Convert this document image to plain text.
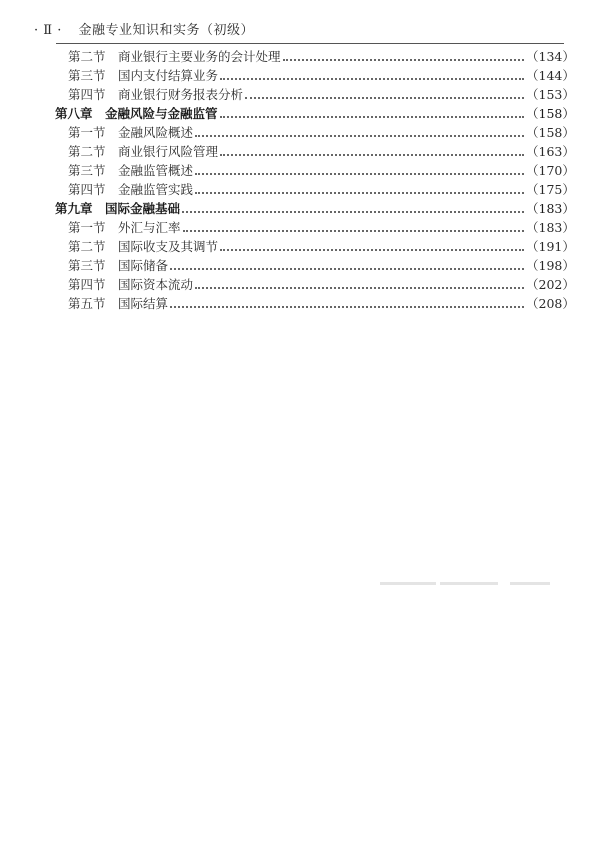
· Ⅱ · 金融专业知识和实务（初级）
第二节 商业银行主要业务的会计处理	（134）
第三节 国内支付结算业务	（144）
第四节 商业银行财务报表分析	（153）
第八章 金融风险与金融监管	（158）
第一节 金融风险概述	（158）
第二节 商业银行风险管理	（163）
第三节 金融监管概述	（170）
第四节 金融监管实践	（175）
第九章 国际金融基础	（183）
第一节 外汇与汇率	（183）
第二节 国际收支及其调节	（191）
第三节 国际储备	（198）
第四节 国际资本流动	（202）
第五节 国际结算	（208）
